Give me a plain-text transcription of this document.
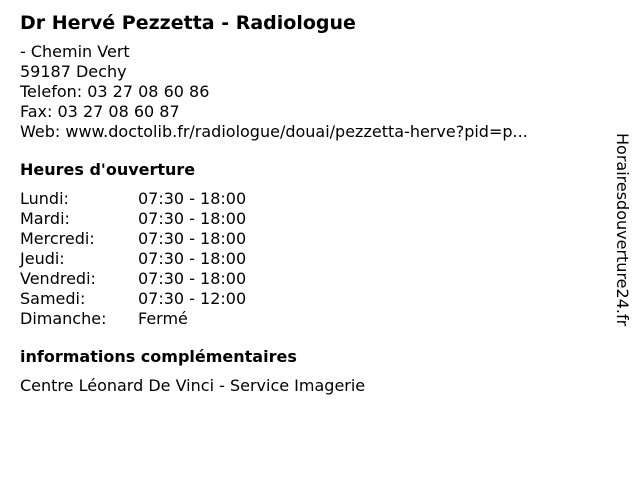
Dr Hervé Pezzetta - Radiologue
- Chemin Vert
59187 Dechy
Telefon: 03 27 08 60 86
Fax: 03 27 08 60 87
Web: www.doctolib.fr/radiologue/douai/pezzetta-herve?pid=p...
Heures d'ouverture
Lundi:	07:30 - 18:00
Mardi:	07:30 - 18:00
Mercredi:	07:30 - 18:00
Jeudi:	07:30 - 18:00
Vendredi:	07:30 - 18:00
Samedi:	07:30 - 12:00
Dimanche:	Fermé
informations complémentaires
Centre Léonard De Vinci - Service Imagerie
Horairesdouverture24.fr
